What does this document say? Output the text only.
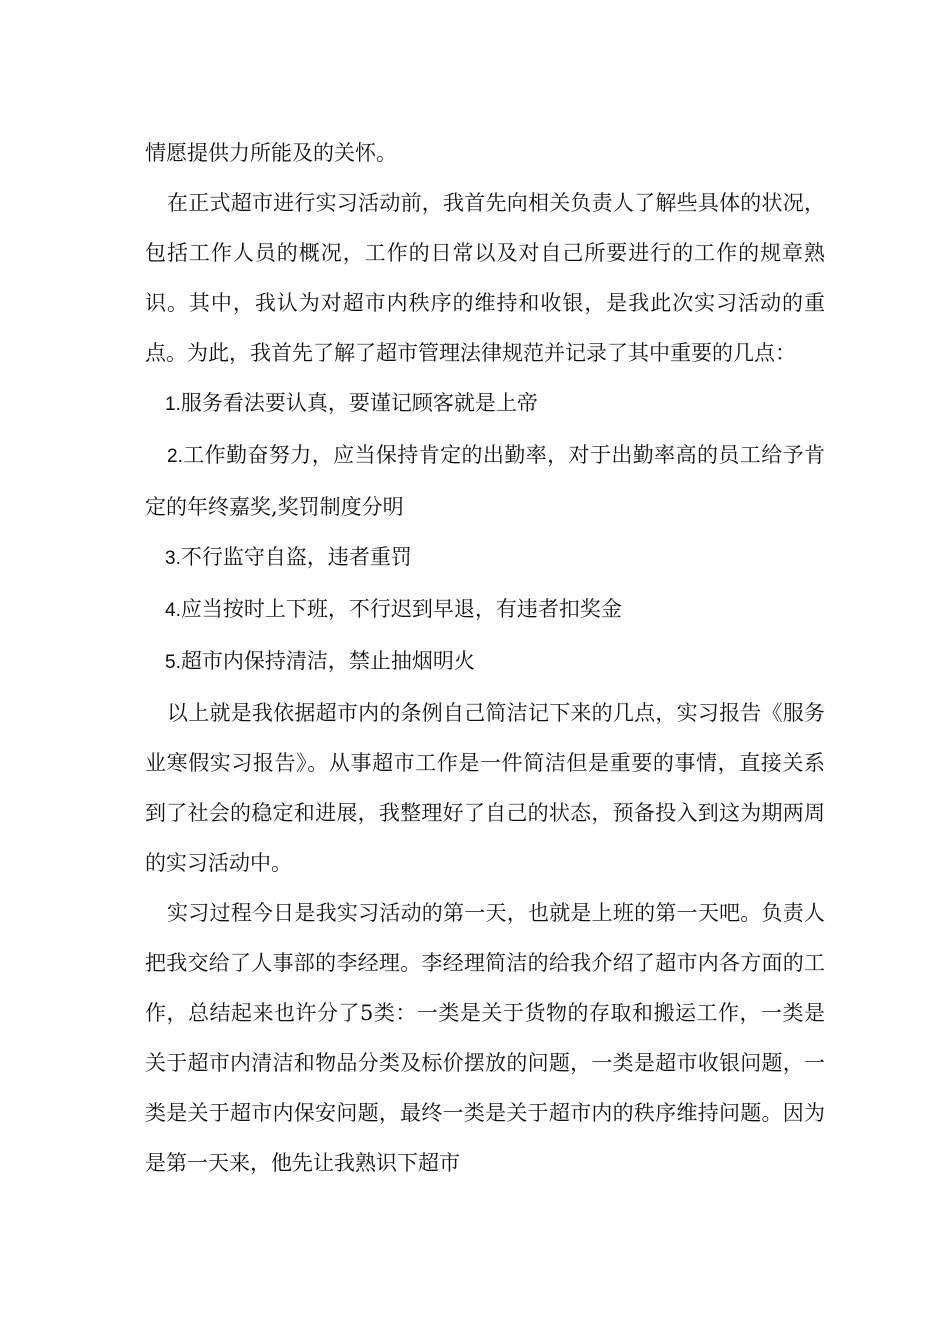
情愿提供力所能及的关怀。

在正式超市进行实习活动前，我首先向相关负责人了解些具体的状况，包括工作人员的概况，工作的日常以及对自己所要进行的工作的规章熟识。其中，我认为对超市内秩序的维持和收银，是我此次实习活动的重点。为此，我首先了解了超市管理法律规范并记录了其中重要的几点：

1.服务看法要认真，要谨记顾客就是上帝

2.工作勤奋努力，应当保持肯定的出勤率，对于出勤率高的员工给予肯定的年终嘉奖,奖罚制度分明

3.不行监守自盗，违者重罚

4.应当按时上下班，不行迟到早退，有违者扣奖金

5.超市内保持清洁，禁止抽烟明火

以上就是我依据超市内的条例自己简洁记下来的几点，实习报告《服务业寒假实习报告》。从事超市工作是一件简洁但是重要的事情，直接关系到了社会的稳定和进展，我整理好了自己的状态，预备投入到这为期两周的实习活动中。

实习过程今日是我实习活动的第一天，也就是上班的第一天吧。负责人把我交给了人事部的李经理。李经理简洁的给我介绍了超市内各方面的工作，总结起来也许分了5类：一类是关于货物的存取和搬运工作，一类是关于超市内清洁和物品分类及标价摆放的问题，一类是超市收银问题，一类是关于超市内保安问题，最终一类是关于超市内的秩序维持问题。因为是第一天来，他先让我熟识下超市
